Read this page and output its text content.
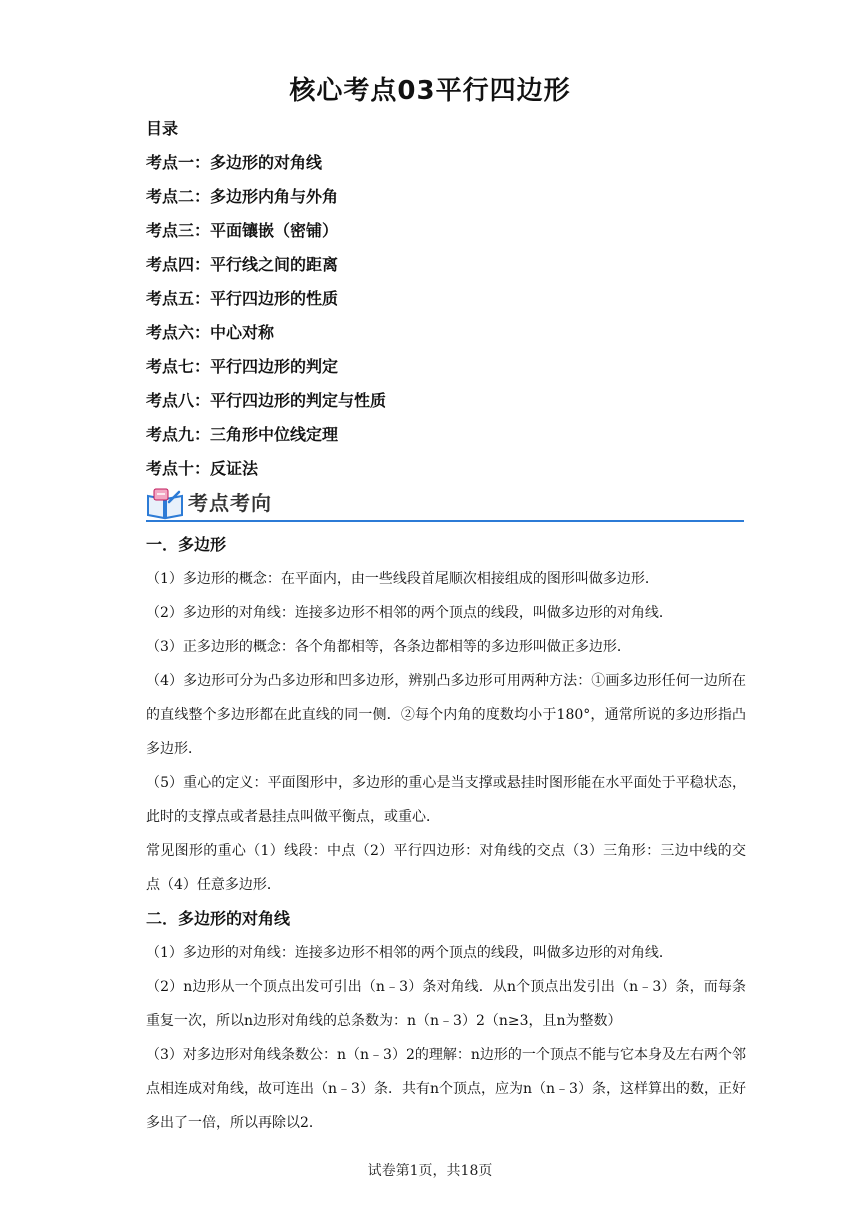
核心考点03平行四边形
目录
考点一：多边形的对角线
考点二：多边形内角与外角
考点三：平面镶嵌（密铺）
考点四：平行线之间的距离
考点五：平行四边形的性质
考点六：中心对称
考点七：平行四边形的判定
考点八：平行四边形的判定与性质
考点九：三角形中位线定理
考点十：反证法
考点考向
一．多边形

（1）多边形的概念：在平面内，由一些线段首尾顺次相接组成的图形叫做多边形．

（2）多边形的对角线：连接多边形不相邻的两个顶点的线段，叫做多边形的对角线．

（3）正多边形的概念：各个角都相等，各条边都相等的多边形叫做正多边形．

（4）多边形可分为凸多边形和凹多边形，辨别凸多边形可用两种方法：①画多边形任何一边所在的直线整个多边形都在此直线的同一侧．②每个内角的度数均小于180°，通常所说的多边形指凸多边形．

（5）重心的定义：平面图形中，多边形的重心是当支撑或悬挂时图形能在水平面处于平稳状态，此时的支撑点或者悬挂点叫做平衡点，或重心．

常见图形的重心（1）线段：中点（2）平行四边形：对角线的交点（3）三角形：三边中线的交点（4）任意多边形．

二．多边形的对角线

（1）多边形的对角线：连接多边形不相邻的两个顶点的线段，叫做多边形的对角线．

（2）n边形从一个顶点出发可引出（n﹣3）条对角线．从n个顶点出发引出（n﹣3）条，而每条重复一次，所以n边形对角线的总条数为：n（n﹣3）2（n≥3，且n为整数）

（3）对多边形对角线条数公：n（n﹣3）2的理解：n边形的一个顶点不能与它本身及左右两个邻点相连成对角线，故可连出（n﹣3）条．共有n个顶点，应为n（n﹣3）条，这样算出的数，正好多出了一倍，所以再除以2．

试卷第1页，共18页
